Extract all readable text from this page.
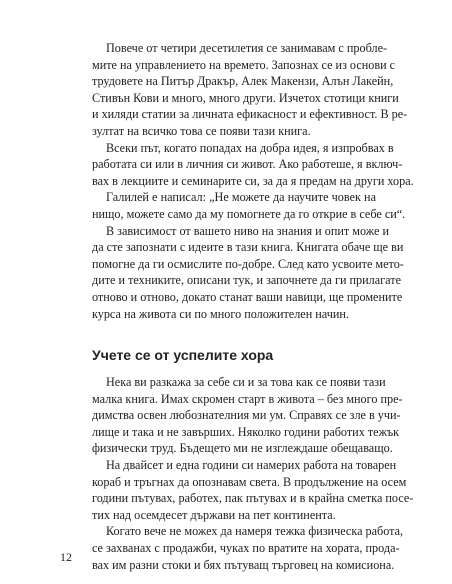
Повече от четири десетилетия се занимавам с пробле-
мите на управлението на времето. Запознах се из основи с
трудовете на Питър Дракър, Алек Макензи, Алън Лакейн,
Стивън Кови и много, много други. Изчетох стотици книги
и хиляди статии за личната ефикасност и ефективност. В ре-
зултат на всичко това се появи тази книга.
Всеки път, когато попадах на добра идея, я изпробвах в
работата си или в личния си живот. Ако работеше, я включ-
вах в лекциите и семинарите си, за да я предам на други хора.
Галилей е написал: „Не можете да научите човек на
нищо, можете само да му помогнете да го открие в себе си“.
В зависимост от вашето ниво на знания и опит може и
да сте запознати с идеите в тази книга. Книгата обаче ще ви
помогне да ги осмислите по-добре. След като усвоите мето-
дите и техниките, описани тук, и започнете да ги прилагате
отново и отново, докато станат ваши навици, ще промените
курса на живота си по много положителен начин.
Учете се от успелите хора
Нека ви разкажа за себе си и за това как се появи тази
малка книга. Имах скромен старт в живота – без много пре-
димства освен любознателния ми ум. Справях се зле в учи-
лище и така и не завърших. Няколко години работих тежък
физически труд. Бъдещето ми не изглеждаше обещаващо.
На двайсет и една години си намерих работа на товарен
кораб и тръгнах да опознавам света. В продължение на осем
години пътувах, работех, пак пътувах и в крайна сметка посе-
тих над осемдесет държави на пет континента.
Когато вече не можех да намеря тежка физическа работа,
се захванах с продажби, чуках по вратите на хората, прода-
вах им разни стоки и бях пътуващ търговец на комисиона.
12
